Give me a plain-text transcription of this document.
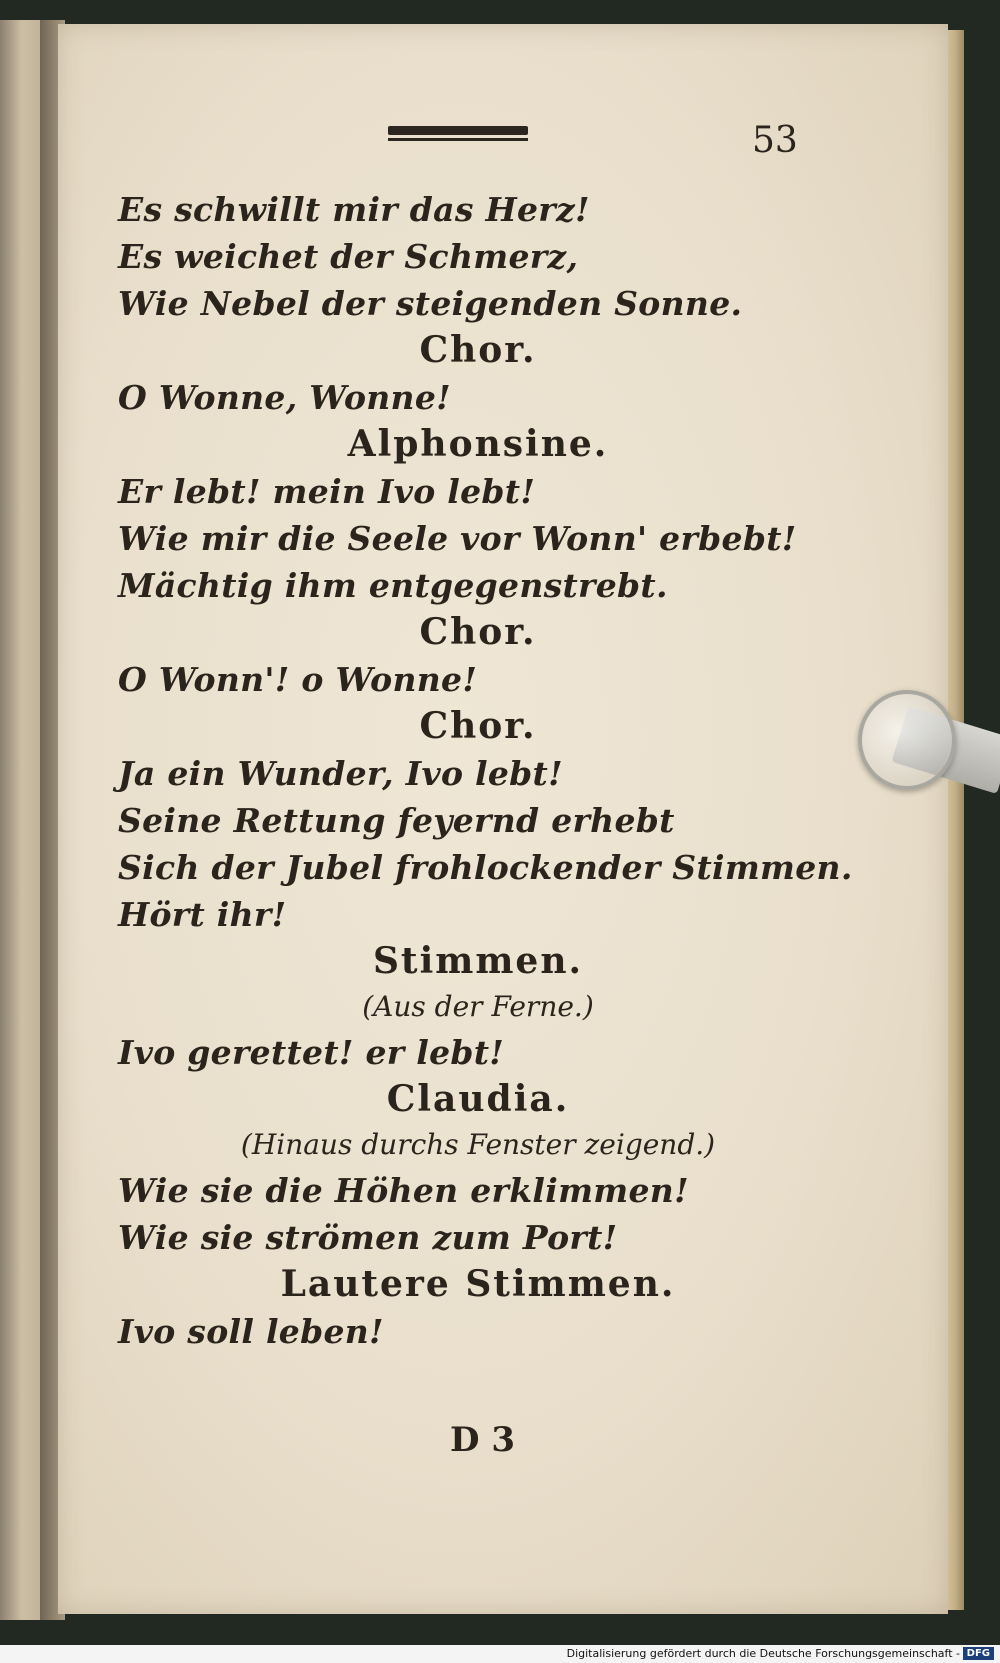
53
Es schwillt mir das Herz!
Es weichet der Schmerz,
Wie Nebel der steigenden Sonne.
Chor.
O Wonne, Wonne!
Alphonsine.
Er lebt! mein Ivo lebt!
Wie mir die Seele vor Wonn' erbebt!
Mächtig ihm entgegenstrebt.
Chor.
O Wonn'! o Wonne!
Chor.
Ja ein Wunder, Ivo lebt!
Seine Rettung feyernd erhebt
Sich der Jubel frohlockender Stimmen.
Hört ihr!
Stimmen.
(Aus der Ferne.)
Ivo gerettet! er lebt!
Claudia.
(Hinaus durchs Fenster zeigend.)
Wie sie die Höhen erklimmen!
Wie sie strömen zum Port!
Lautere Stimmen.
Ivo soll leben!
D 3
Digitalisierung gefördert durch die Deutsche Forschungsgemeinschaft - DFG
